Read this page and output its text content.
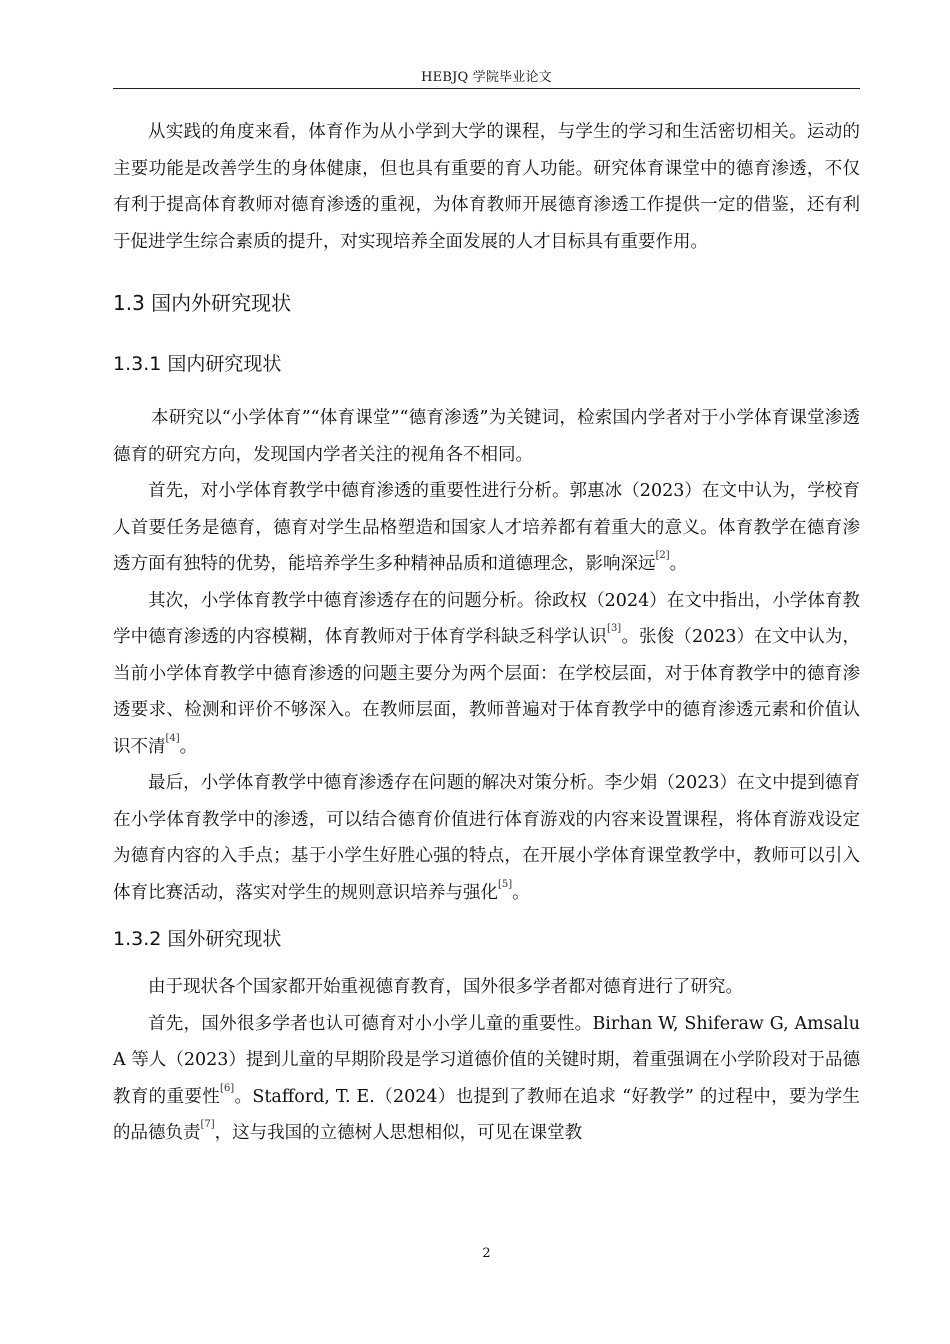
HEBJQ 学院毕业论文

从实践的角度来看，体育作为从小学到大学的课程，与学生的学习和生活密切相关。运动的主要功能是改善学生的身体健康，但也具有重要的育人功能。研究体育课堂中的德育渗透，不仅有利于提高体育教师对德育渗透的重视，为体育教师开展德育渗透工作提供一定的借鉴，还有利于促进学生综合素质的提升，对实现培养全面发展的人才目标具有重要作用。

1.3 国内外研究现状
1.3.1 国内研究现状

本研究以“小学体育”“体育课堂”“德育渗透”为关键词，检索国内学者对于小学体育课堂渗透德育的研究方向，发现国内学者关注的视角各不相同。

首先，对小学体育教学中德育渗透的重要性进行分析。郭惠冰（2023）在文中认为，学校育人首要任务是德育，德育对学生品格塑造和国家人才培养都有着重大的意义。体育教学在德育渗透方面有独特的优势，能培养学生多种精神品质和道德理念，影响深远[2]。

其次，小学体育教学中德育渗透存在的问题分析。徐政权（2024）在文中指出，小学体育教学中德育渗透的内容模糊，体育教师对于体育学科缺乏科学认识[3]。张俊（2023）在文中认为，当前小学体育教学中德育渗透的问题主要分为两个层面：在学校层面，对于体育教学中的德育渗透要求、检测和评价不够深入。在教师层面，教师普遍对于体育教学中的德育渗透元素和价值认识不清[4]。

最后，小学体育教学中德育渗透存在问题的解决对策分析。李少娟（2023）在文中提到德育在小学体育教学中的渗透，可以结合德育价值进行体育游戏的内容来设置课程，将体育游戏设定为德育内容的入手点；基于小学生好胜心强的特点，在开展小学体育课堂教学中，教师可以引入体育比赛活动，落实对学生的规则意识培养与强化[5]。

1.3.2 国外研究现状

由于现状各个国家都开始重视德育教育，国外很多学者都对德育进行了研究。

首先，国外很多学者也认可德育对小小学儿童的重要性。Birhan W, Shiferaw G, Amsalu A 等人（2023）提到儿童的早期阶段是学习道德价值的关键时期，着重强调在小学阶段对于品德教育的重要性[6]。Stafford, T. E.（2024）也提到了教师在追求 “好教学” 的过程中，要为学生的品德负责[7]，这与我国的立德树人思想相似，可见在课堂教

2
